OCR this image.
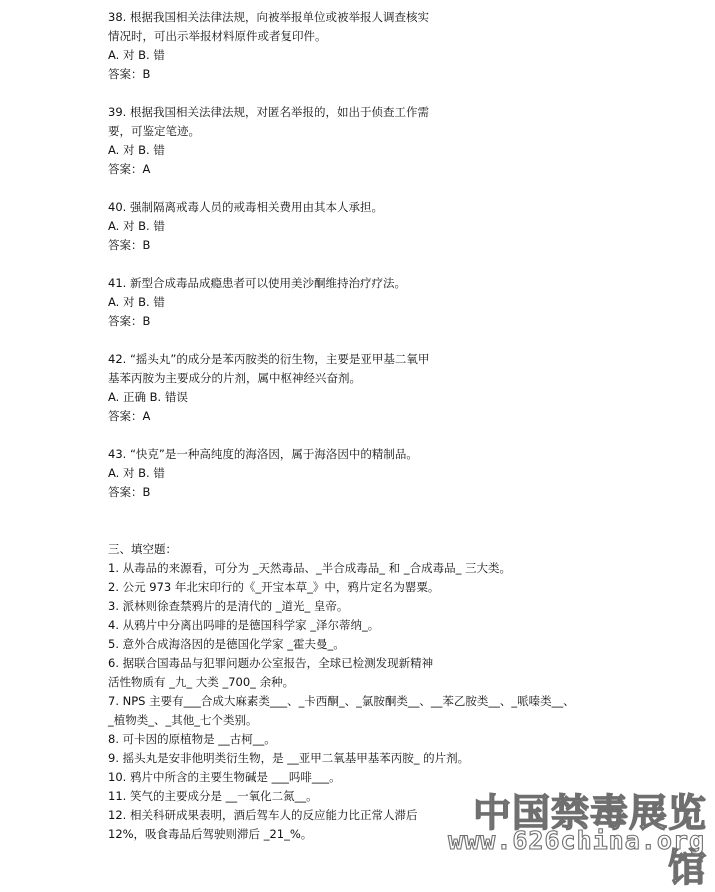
38. 根据我国相关法律法规，向被举报单位或被举报人调查核实
情况时，可出示举报材料原件或者复印件。
A. 对 B. 错
答案：B
39. 根据我国相关法律法规，对匿名举报的，如出于侦查工作需
要，可鉴定笔迹。
A. 对 B. 错
答案：A
40. 强制隔离戒毒人员的戒毒相关费用由其本人承担。
A. 对 B. 错
答案：B
41. 新型合成毒品成瘾患者可以使用美沙酮维持治疗疗法。
A. 对 B. 错
答案：B
42. “摇头丸”的成分是苯丙胺类的衍生物，主要是亚甲基二氧甲
基苯丙胺为主要成分的片剂，属中枢神经兴奋剂。
A. 正确 B. 错误
答案：A
43. “快克”是一种高纯度的海洛因，属于海洛因中的精制品。
A. 对 B. 错
答案：B
三、填空题：
1. 从毒品的来源看，可分为 _天然毒品、_半合成毒品_ 和 _合成毒品_ 三大类。
2. 公元 973 年北宋印行的《_开宝本草_》中，鸦片定名为罂粟。
3. 派林则徐查禁鸦片的是清代的 _道光_ 皇帝。
4. 从鸦片中分离出吗啡的是德国科学家 _泽尔蒂纳_。
5. 意外合成海洛因的是德国化学家 _霍夫曼_。
6. 据联合国毒品与犯罪问题办公室报告，全球已检测发现新精神
活性物质有 _九_ 大类 _700_ 余种。
7. NPS 主要有___合成大麻素类___、_卡西酮_、_氯胺酮类__、__苯乙胺类__、_哌嗪类__、
_植物类_、_其他_七个类别。
8. 可卡因的原植物是 __古柯__。
9. 摇头丸是安非他明类衍生物，是 __亚甲二氧基甲基苯丙胺_ 的片剂。
10. 鸦片中所含的主要生物碱是 ___吗啡___。
11. 笑气的主要成分是 __一氧化二氮__。
12. 相关科研成果表明，酒后驾车人的反应能力比正常人滞后
12%，吸食毒品后驾驶则滞后 _21_%。	中国禁毒展览馆
www.626china.org
